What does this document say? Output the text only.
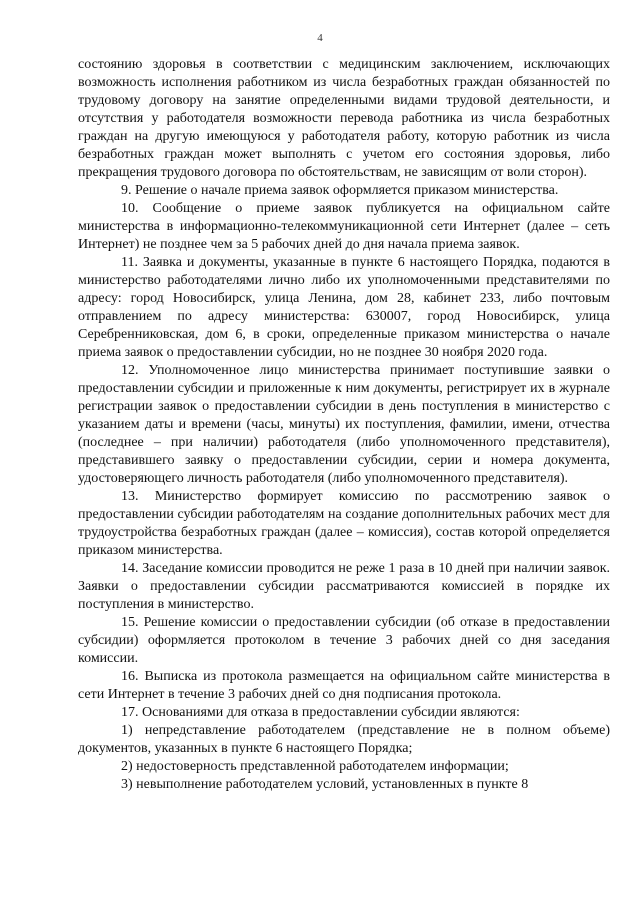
4

состоянию здоровья в соответствии с медицинским заключением, исключающих возможность исполнения работником из числа безработных граждан обязанностей по трудовому договору на занятие определенными видами трудовой деятельности, и отсутствия у работодателя возможности перевода работника из числа безработных граждан на другую имеющуюся у работодателя работу, которую работник из числа безработных граждан может выполнять с учетом его состояния здоровья, либо прекращения трудового договора по обстоятельствам, не зависящим от воли сторон).

9. Решение о начале приема заявок оформляется приказом министерства.

10. Сообщение о приеме заявок публикуется на официальном сайте министерства в информационно-телекоммуникационной сети Интернет (далее – сеть Интернет) не позднее чем за 5 рабочих дней до дня начала приема заявок.

11. Заявка и документы, указанные в пункте 6 настоящего Порядка, подаются в министерство работодателями лично либо их уполномоченными представителями по адресу: город Новосибирск, улица Ленина, дом 28, кабинет 233, либо почтовым отправлением по адресу министерства: 630007, город Новосибирск, улица Серебренниковская, дом 6, в сроки, определенные приказом министерства о начале приема заявок о предоставлении субсидии, но не позднее 30 ноября 2020 года.

12. Уполномоченное лицо министерства принимает поступившие заявки о предоставлении субсидии и приложенные к ним документы, регистрирует их в журнале регистрации заявок о предоставлении субсидии в день поступления в министерство с указанием даты и времени (часы, минуты) их поступления, фамилии, имени, отчества (последнее – при наличии) работодателя (либо уполномоченного представителя), представившего заявку о предоставлении субсидии, серии и номера документа, удостоверяющего личность работодателя (либо уполномоченного представителя).

13. Министерство формирует комиссию по рассмотрению заявок о предоставлении субсидии работодателям на создание дополнительных рабочих мест для трудоустройства безработных граждан (далее – комиссия), состав которой определяется приказом министерства.

14. Заседание комиссии проводится не реже 1 раза в 10 дней при наличии заявок. Заявки о предоставлении субсидии рассматриваются комиссией в порядке их поступления в министерство.

15. Решение комиссии о предоставлении субсидии (об отказе в предоставлении субсидии) оформляется протоколом в течение 3 рабочих дней со дня заседания комиссии.

16. Выписка из протокола размещается на официальном сайте министерства в сети Интернет в течение 3 рабочих дней со дня подписания протокола.

17. Основаниями для отказа в предоставлении субсидии являются:

1) непредставление работодателем (представление не в полном объеме) документов, указанных в пункте 6 настоящего Порядка;

2) недостоверность представленной работодателем информации;

3) невыполнение работодателем условий, установленных в пункте 8
